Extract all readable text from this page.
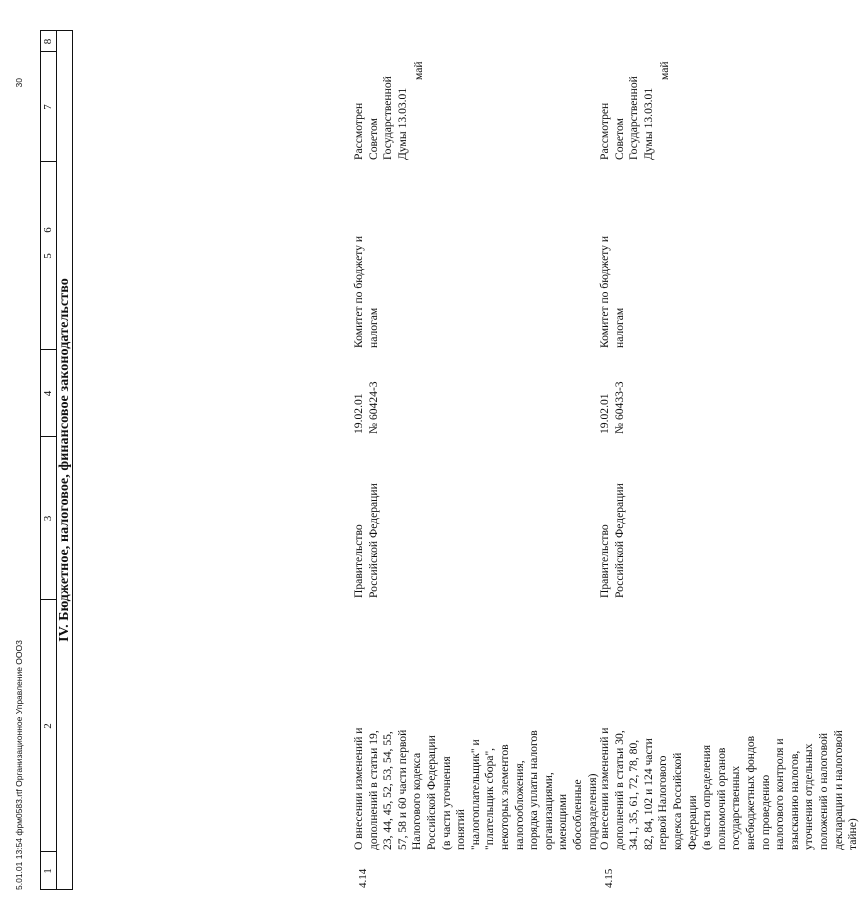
5.01.01 13:54 фрм0583.rtf Организационное Управление ООО3
30
1
2
3
4
5
6
7
8
IV. Бюджетное, налоговое, финансовое законодательство
4.14
О внесении изменений и
дополнений в статьи 19,
23, 44, 45, 52, 53, 54, 55,
57, 58 и 60 части первой
Налогового кодекса
Российской Федерации
(в части уточнения
понятий
"налогоплательщик" и
"плательщик сбора",
некоторых элементов
налогообложения,
порядка уплаты налогов
организациями,
имеющими
обособленные
подразделения)
Правительство
Российской Федерации
19.02.01
№ 60424-3
Комитет по бюджету и
налогам
Рассмотрен
Советом
Государственной
Думы 13.03.01
май
4.15
О внесении изменений и
дополнений в статьи 30,
34.1, 35, 61, 72, 78, 80,
82, 84, 102 и 124 части
первой Налогового
кодекса Российской
Федерации
(в части определения
полномочий органов
государственных
внебюджетных фондов
по проведению
налогового контроля и
взысканию налогов,
уточнения отдельных
положений о налоговой
декларации и налоговой
тайне)
Правительство
Российской Федерации
19.02.01
№ 60433-3
Комитет по бюджету и
налогам
Рассмотрен
Советом
Государственной
Думы 13.03.01
май
